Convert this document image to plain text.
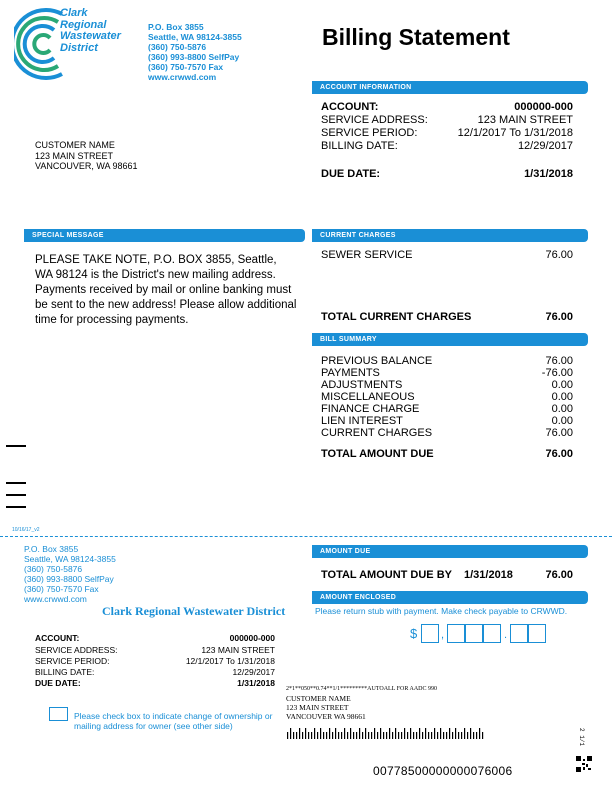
Clark
Regional
Wastewater
District
P.O. Box 3855
Seattle, WA 98124-3855
(360) 750-5876
(360) 993-8800 SelfPay
(360) 750-7570 Fax
www.crwwd.com
Billing Statement
CUSTOMER NAME
123 MAIN STREET
VANCOUVER, WA 98661
ACCOUNT INFORMATION
ACCOUNT:	000000-000
SERVICE ADDRESS:	123 MAIN STREET
SERVICE PERIOD:	12/1/2017 To 1/31/2018
BILLING DATE:	12/29/2017
DUE DATE:	1/31/2018
SPECIAL MESSAGE
PLEASE TAKE NOTE, P.O. BOX 3855, Seattle, WA 98124 is the District's new mailing address. Payments received by mail or online banking must be sent to the new address! Please allow additional time for processing payments.
CURRENT CHARGES
SEWER SERVICE	76.00
TOTAL CURRENT CHARGES	76.00
BILL SUMMARY
PREVIOUS BALANCE	76.00
PAYMENTS	-76.00
ADJUSTMENTS	0.00
MISCELLANEOUS	0.00
FINANCE CHARGE	0.00
LIEN INTEREST	0.00
CURRENT CHARGES	76.00
TOTAL AMOUNT DUE	76.00
10/16/17_v2
P.O. Box 3855
Seattle, WA 98124-3855
(360) 750-5876
(360) 993-8800 SelfPay
(360) 750-7570 Fax
www.crwwd.com
Clark Regional Wastewater District
ACCOUNT:	000000-000
SERVICE ADDRESS:	123 MAIN STREET
SERVICE PERIOD:	12/1/2017 To 1/31/2018
BILLING DATE:	12/29/2017
DUE DATE:	1/31/2018
Please check box to indicate change of ownership or mailing address for owner (see other side)
AMOUNT DUE
TOTAL AMOUNT DUE BY 1/31/2018	76.00
AMOUNT ENCLOSED
Please return stub with payment. Make check payable to CRWWD.
$ ,	.
2*1**050**0.74**1/1*********AUTOALL FOR AADC 990
CUSTOMER NAME
123 MAIN STREET
VANCOUVER WA 98661
2 1/1
00778500000000076006
